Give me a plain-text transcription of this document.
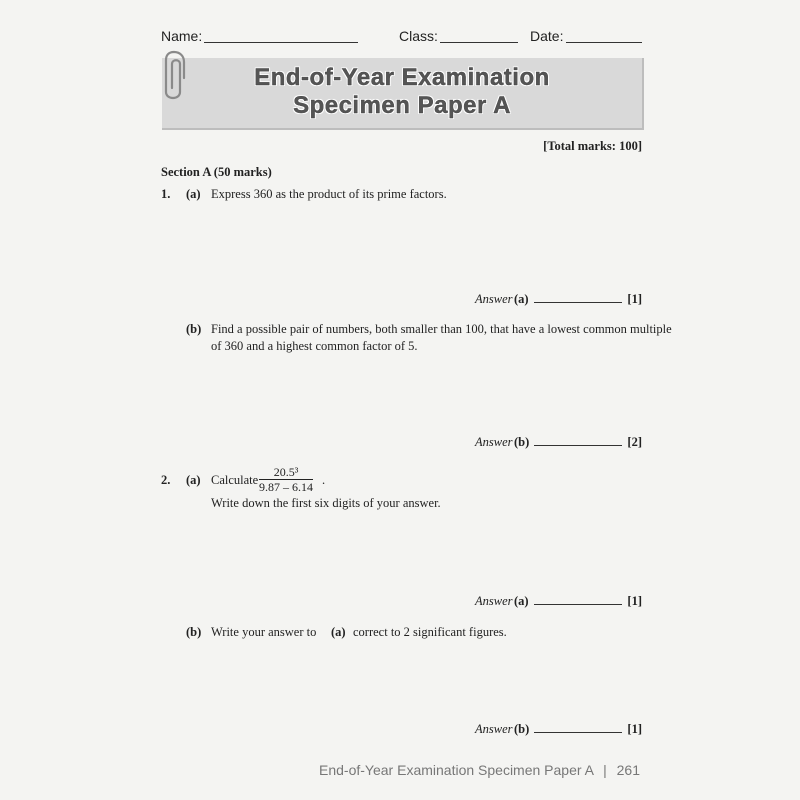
Name:	Class:	Date:
End-of-Year Examination
Specimen Paper A
[Total marks: 100]
Section A (50 marks)
1. (a) Express 360 as the product of its prime factors.
Answer (a)	[1]
(b) Find a possible pair of numbers, both smaller than 100, that have a lowest common multiple
of 360 and a highest common factor of 5.
Answer (b)	[2]
2. (a) Calculate $\frac{\text{20.5³}}{9.87 - 6.14}$ .
Write down the first six digits of your answer.
Answer (a)	[1]
(b) Write your answer to (a) correct to 2 significant figures.
Answer (b)	[1]
End-of-Year Examination Specimen Paper A | 261
